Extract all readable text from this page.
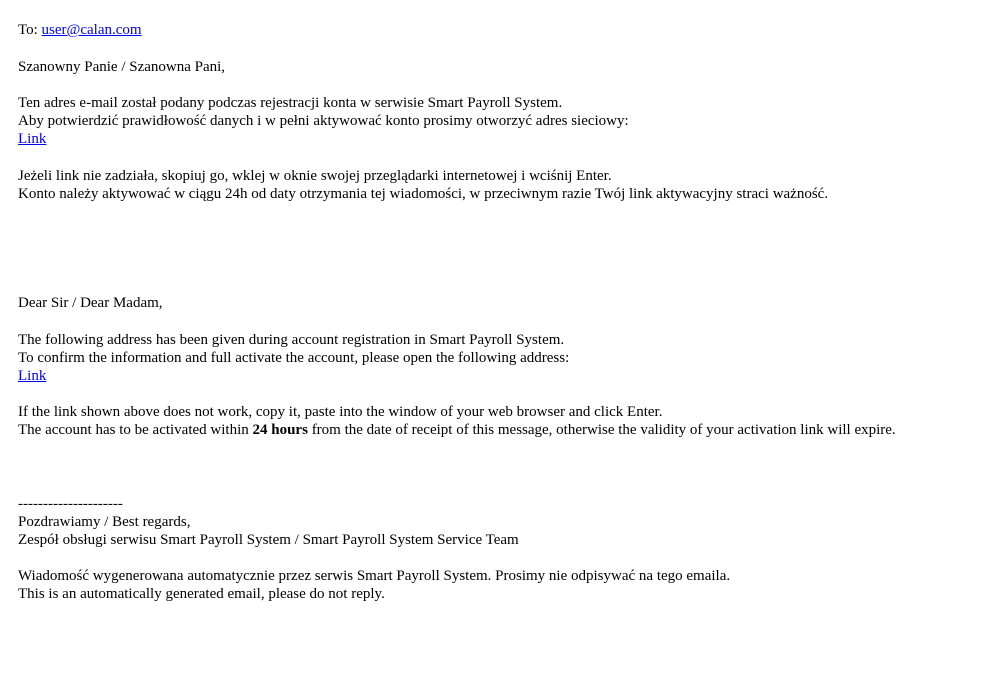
To: user@calan.com
Szanowny Panie / Szanowna Pani,
Ten adres e-mail został podany podczas rejestracji konta w serwisie Smart Payroll System.
Aby potwierdzić prawidłowość danych i w pełni aktywować konto prosimy otworzyć adres sieciowy:
Link
Jeżeli link nie zadziała, skopiuj go, wklej w oknie swojej przeglądarki internetowej i wciśnij Enter.
Konto należy aktywować w ciągu 24h od daty otrzymania tej wiadomości, w przeciwnym razie Twój link aktywacyjny straci ważność.
Dear Sir / Dear Madam,
The following address has been given during account registration in Smart Payroll System.
To confirm the information and full activate the account, please open the following address:
Link
If the link shown above does not work, copy it, paste into the window of your web browser and click Enter.
The account has to be activated within 24 hours from the date of receipt of this message, otherwise the validity of your activation link will expire.
---------------------
Pozdrawiamy / Best regards,
Zespół obsługi serwisu Smart Payroll System / Smart Payroll System Service Team
Wiadomość wygenerowana automatycznie przez serwis Smart Payroll System. Prosimy nie odpisywać na tego emaila.
This is an automatically generated email, please do not reply.
